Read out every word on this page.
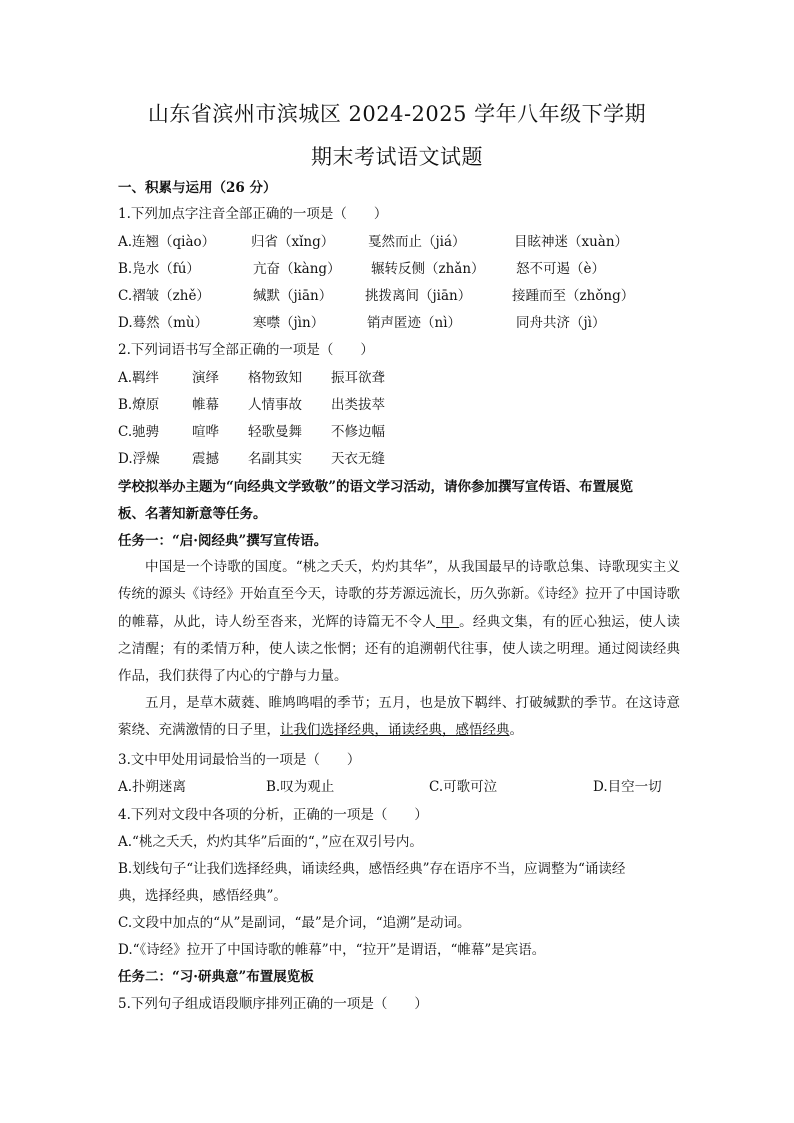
山东省滨州市滨城区 2024-2025 学年八年级下学期
期末考试语文试题
一、积累与运用（26 分）
1.下列加点字注音全部正确的一项是（　　）
A.连翘（qiào）	归省（xǐng） 戛然而止（jiá）	目眩神迷（xuàn）
B.凫水（fú）	亢奋（kàng） 辗转反侧（zhǎn） 怒不可遏（è）
C.褶皱（zhě）	缄默（jiān） 挑拨离间（jiān）	接踵而至（zhǒng）
D.蓦然（mù）	寒噤（jìn）	销声匿迹（nì）	同舟共济（jì）
2.下列词语书写全部正确的一项是（　　）
A.羁绊 演绎 格物致知 振耳欲聋
B.燎原 帷幕 人情事故 出类拔萃
C.驰骋 喧哗 轻歌曼舞 不修边幅
D.浮燥 震撼 名副其实 天衣无缝
学校拟举办主题为“向经典文学致敬”的语文学习活动，请你参加撰写宣传语、布置展览
板、名著知新意等任务。
任务一：“启·阅经典”撰写宣传语。
中国是一个诗歌的国度。“桃之夭夭，灼灼其华”，从我国最早的诗歌总集、诗歌现实主义传统的源头《诗经》开始直至今天，诗歌的芬芳源远流长，历久弥新。《诗经》拉开了中国诗歌的帷幕，从此，诗人纷至沓来，光辉的诗篇无不令人 甲 。经典文集，有的匠心独运，使人读之清醒；有的柔情万种，使人读之怅惘；还有的追溯朝代往事，使人读之明理。通过阅读经典作品，我们获得了内心的宁静与力量。
五月，是草木葳蕤、睢鸠鸣唱的季节；五月，也是放下羁绊、打破缄默的季节。在这诗意萦绕、充满激情的日子里，让我们选择经典，诵读经典，感悟经典。
3.文中甲处用词最恰当的一项是（　　）
A.扑朔迷离	B.叹为观止	C.可歌可泣	D.目空一切
4.下列对文段中各项的分析，正确的一项是（　　）
A.“桃之夭夭，灼灼其华”后面的“，”应在双引号内。
B.划线句子“让我们选择经典，诵读经典，感悟经典”存在语序不当，应调整为“诵读经
典，选择经典，感悟经典”。
C.文段中加点的“从”是副词，“最”是介词，“追溯”是动词。
D.“《诗经》拉开了中国诗歌的帷幕”中，“拉开”是谓语，“帷幕”是宾语。
任务二：“习·研典意”布置展览板
5.下列句子组成语段顺序排列正确的一项是（　　）
